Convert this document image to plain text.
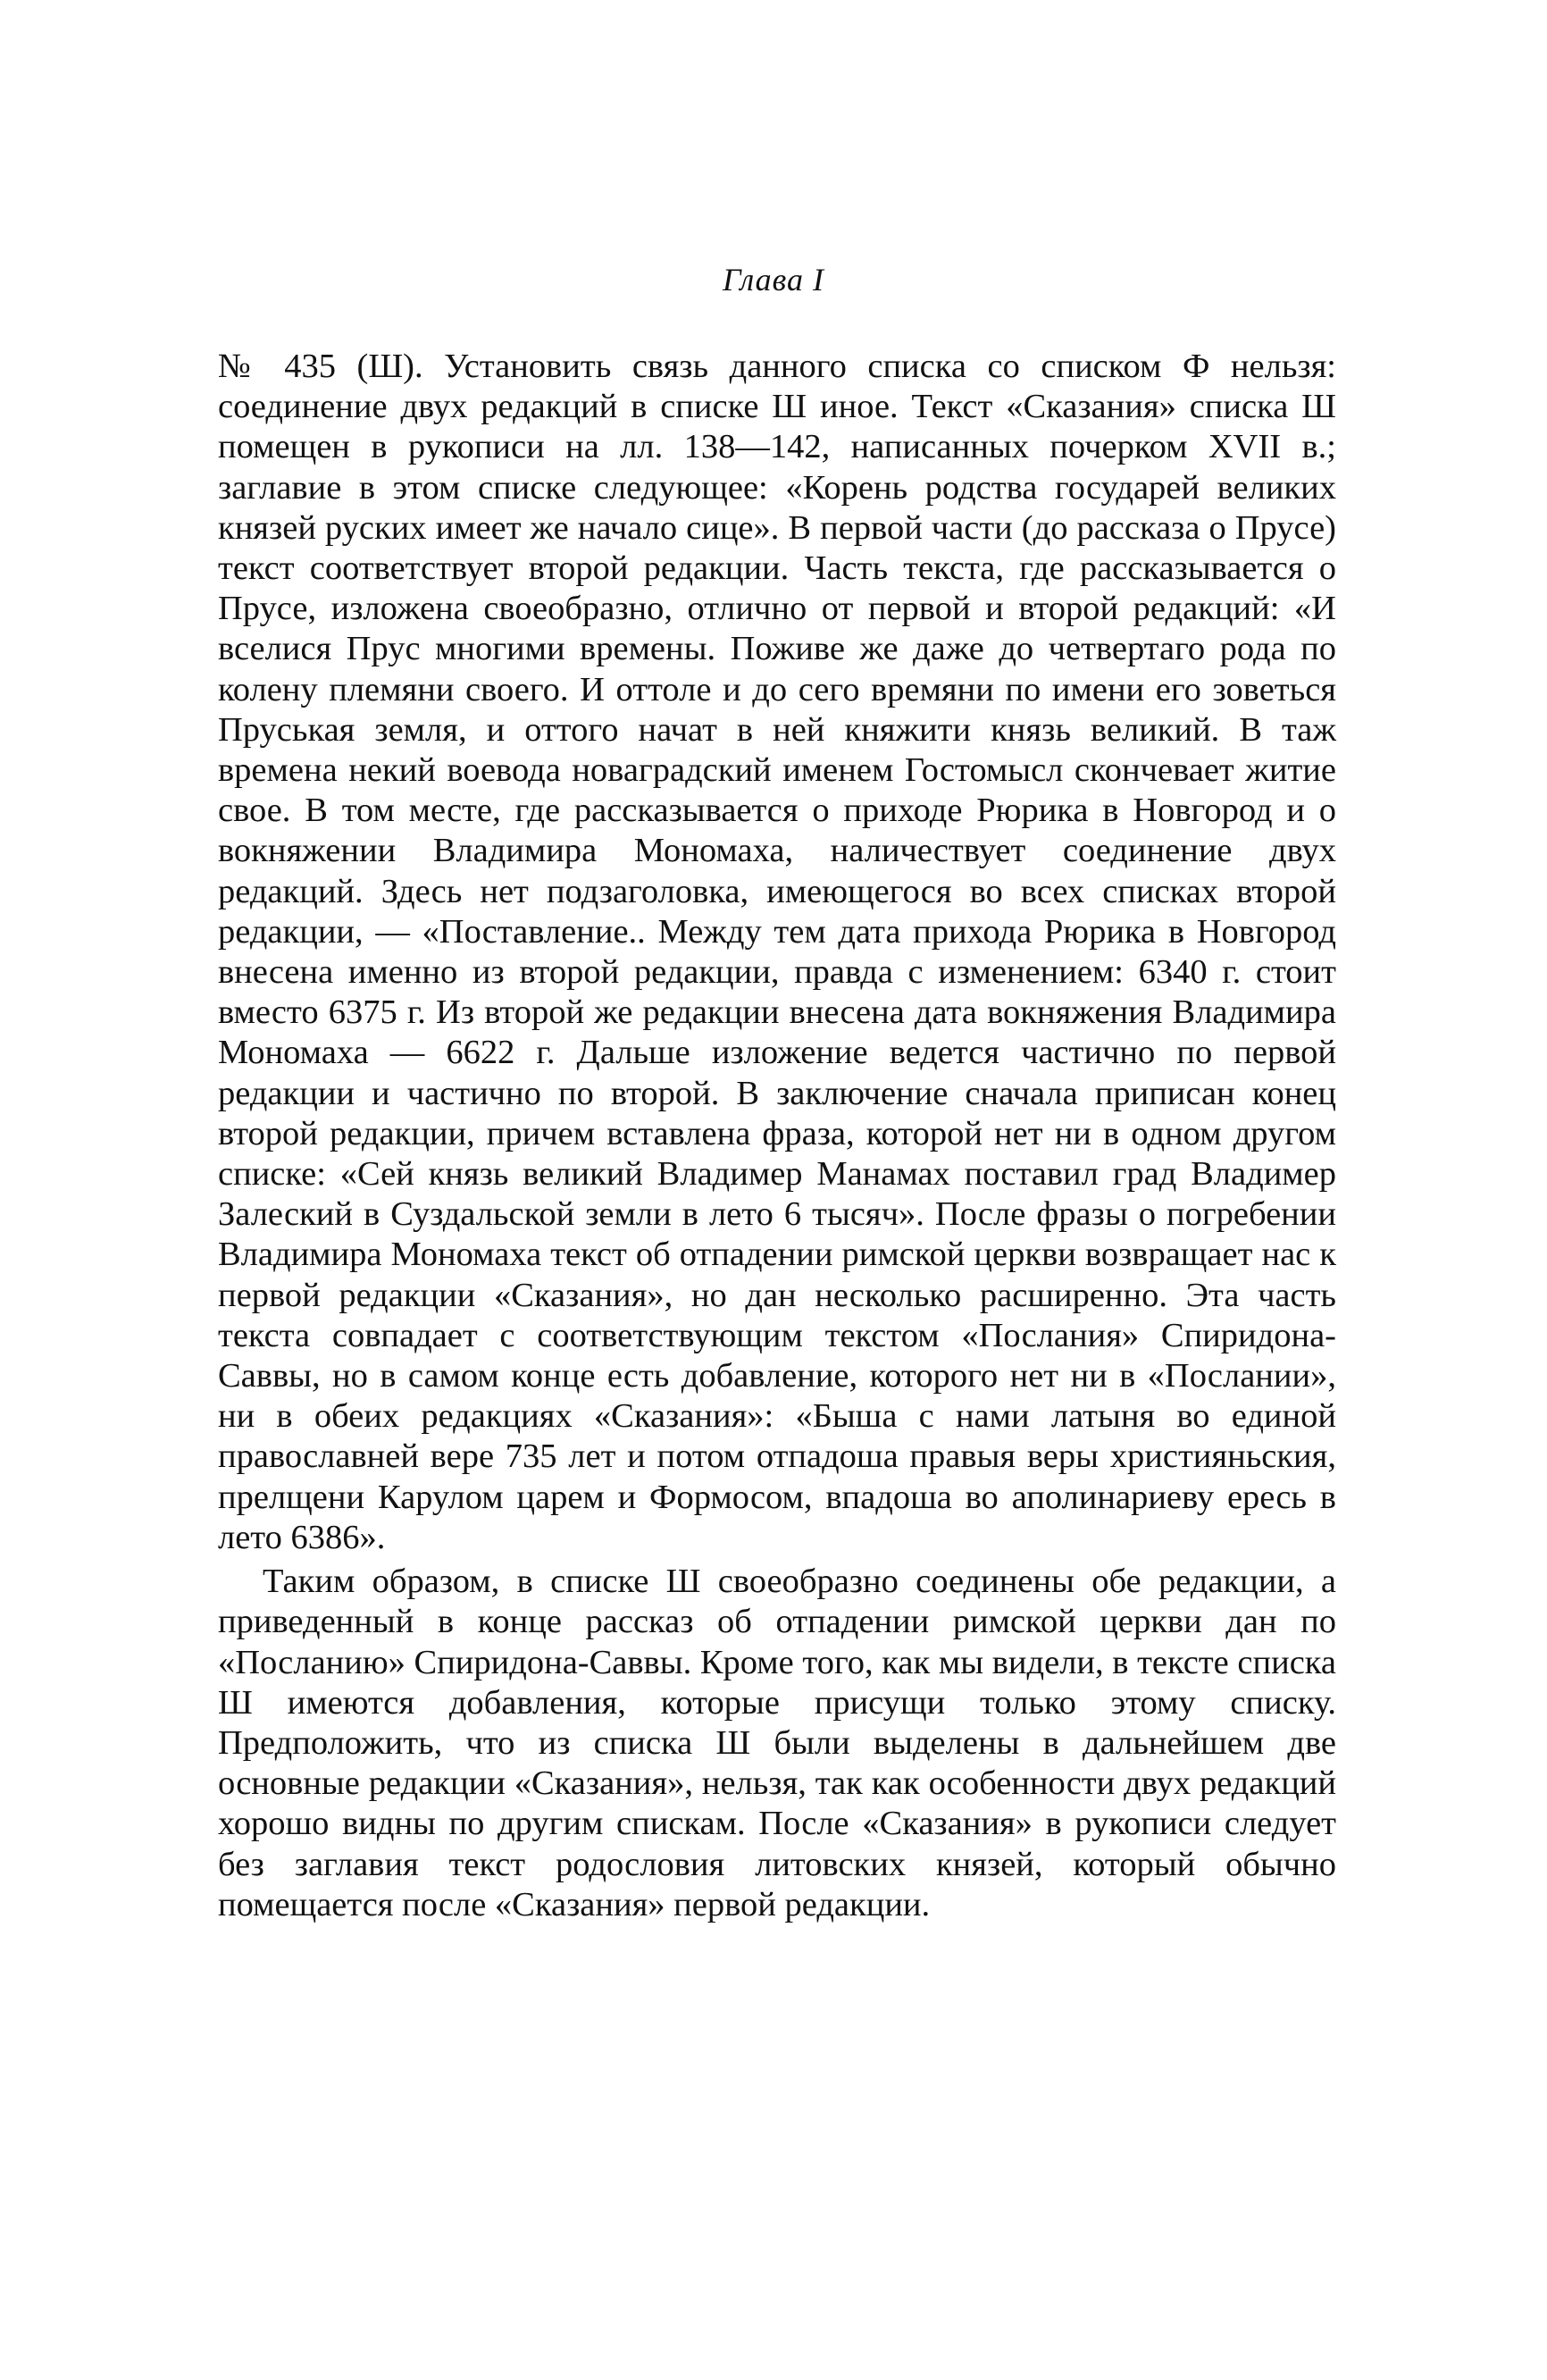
Глава I

№ 435 (Ш). Установить связь данного списка со списком Ф нельзя: соединение двух редакций в списке Ш иное. Текст «Сказания» списка Ш помещен в рукописи на лл. 138—142, написанных почерком XVII в.; заглавие в этом списке следующее: «Корень родства государей великих князей руских имеет же начало сице». В первой части (до рассказа о Прусе) текст соответствует второй редакции. Часть текста, где рассказывается о Прусе, изложена своеобразно, отлично от первой и второй редакций: «И вселися Прус многими времены. Поживе же даже до четвертаго рода по колену племяни своего. И оттоле и до сего времяни по имени его зоветься Пруськая земля, и оттого начат в ней княжити князь великий. В таж времена некий воевода новаградский именем Гостомысл скончевает житие свое. В том месте, где рассказывается о приходе Рюрика в Новгород и о вокняжении Владимира Мономаха, наличествует соединение двух редакций. Здесь нет подзаголовка, имеющегося во всех списках второй редакции, — «Поставление.. Между тем дата прихода Рюрика в Новгород внесена именно из второй редакции, правда с изменением: 6340 г. стоит вместо 6375 г. Из второй же редакции внесена дата вокняжения Владимира Мономаха — 6622 г. Дальше изложение ведется частично по первой редакции и частично по второй. В заключение сначала приписан конец второй редакции, причем вставлена фраза, которой нет ни в одном другом списке: «Сей князь великий Владимер Манамах поставил град Владимер Залеский в Суздальской земли в лето 6 тысяч». После фразы о погребении Владимира Мономаха текст об отпадении римской церкви возвращает нас к первой редакции «Сказания», но дан несколько расширенно. Эта часть текста совпадает с соответствующим текстом «Послания» Спиридона-Саввы, но в самом конце есть добавление, которого нет ни в «Послании», ни в обеих редакциях «Сказания»: «Быша с нами латыня во единой православней вере 735 лет и потом отпадоша правыя веры християньския, прелщени Карулом царем и Формосом, впадоша во аполинариеву ересь в лето 6386».

Таким образом, в списке Ш своеобразно соединены обе редакции, а приведенный в конце рассказ об отпадении римской церкви дан по «Посланию» Спиридона-Саввы. Кроме того, как мы видели, в тексте списка Ш имеются добавления, которые присущи только этому списку. Предположить, что из списка Ш были выделены в дальнейшем две основные редакции «Сказания», нельзя, так как особенности двух редакций хорошо видны по другим спискам. После «Сказания» в рукописи следует без заглавия текст родословия литовских князей, который обычно помещается после «Сказания» первой редакции.
